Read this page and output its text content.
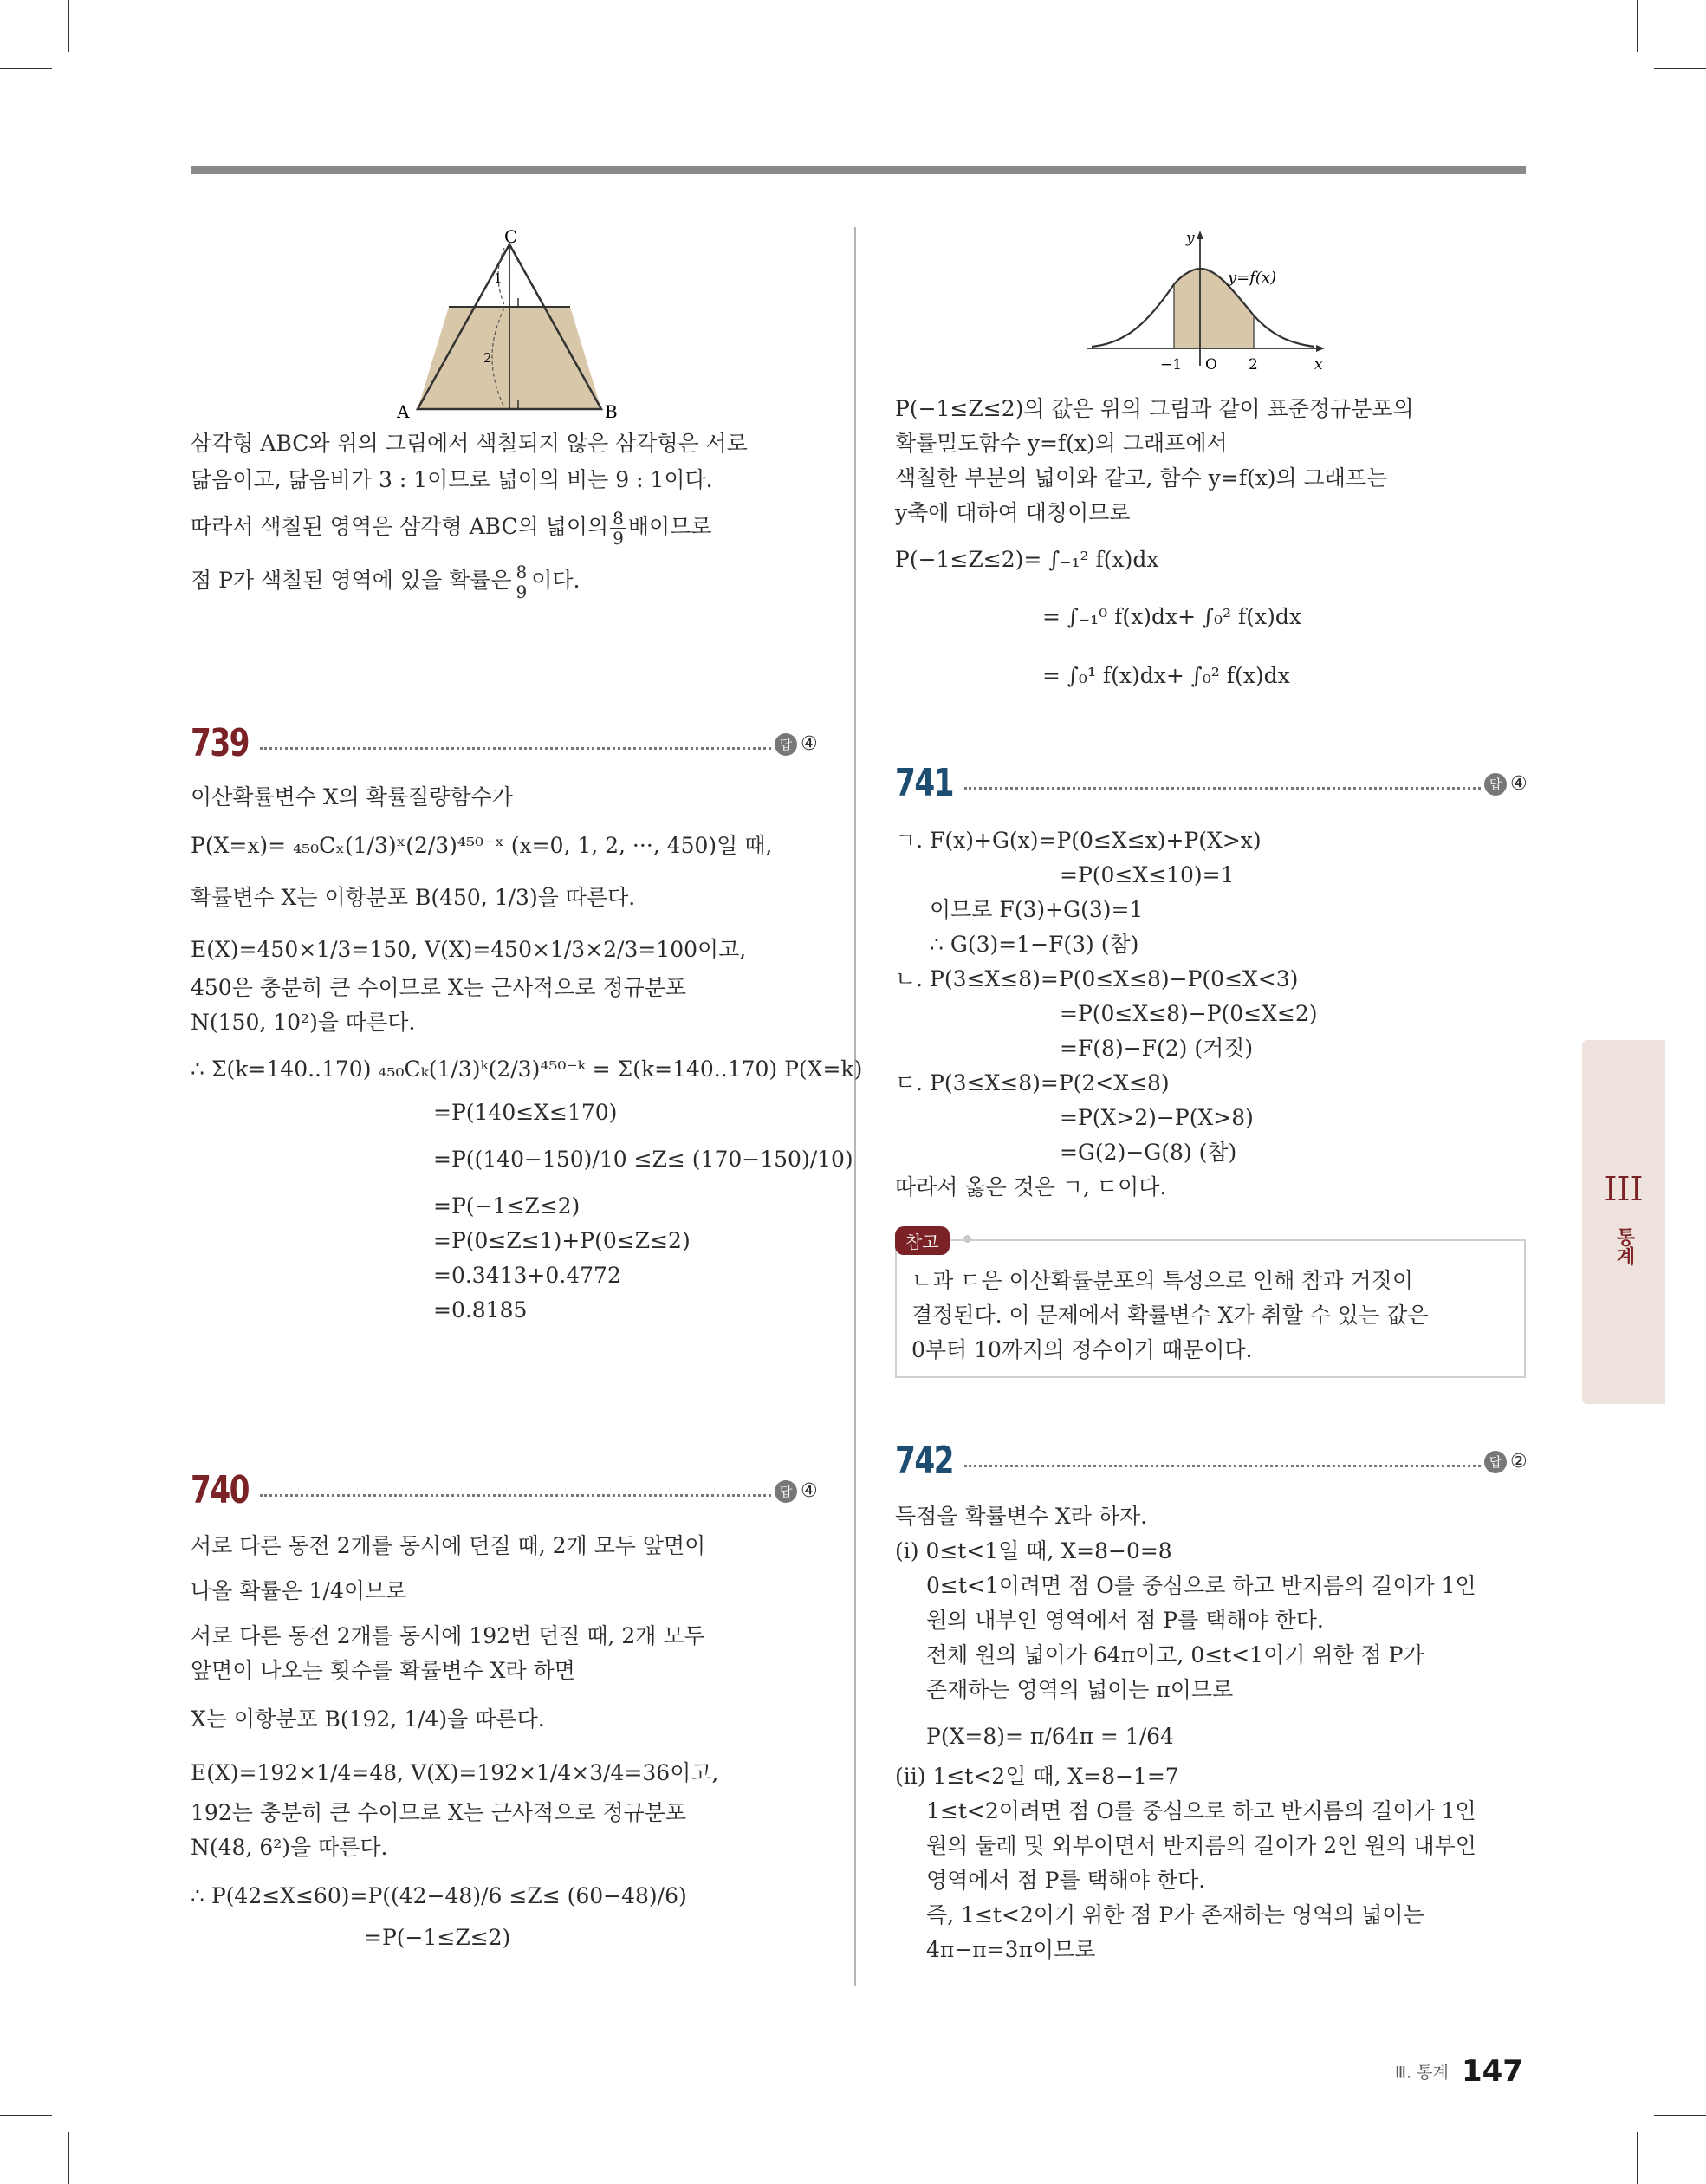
C
A	B
1
2

삼각형 ABC와 위의 그림에서 색칠되지 않은 삼각형은 서로

닮음이고, 닮음비가 3 : 1이므로 넓이의 비는 9 : 1이다.

따라서 색칠된 영역은 삼각형 ABC의 넓이의 $\frac{8}{9}$ 배이므로

점 P가 색칠된 영역에 있을 확률은 $\frac{8}{9}$ 이다.

739	답 ④

이산확률변수 X의 확률질량함수가

P(X=x)= ₄₅₀Cₓ(1/3)ˣ(2/3)⁴⁵⁰⁻ˣ (x=0, 1, 2, ···, 450)일 때,

확률변수 X는 이항분포 B(450, 1/3)을 따른다.

E(X)=450×1/3=150, V(X)=450×1/3×2/3=100이고,

450은 충분히 큰 수이므로 X는 근사적으로 정규분포

N(150, 10²)을 따른다.

∴ Σ(k=140..170) ₄₅₀Cₖ(1/3)ᵏ(2/3)⁴⁵⁰⁻ᵏ = Σ(k=140..170) P(X=k)

=P(140≤X≤170)

=P((140−150)/10 ≤Z≤ (170−150)/10)

=P(−1≤Z≤2)

=P(0≤Z≤1)+P(0≤Z≤2)

=0.3413+0.4772

=0.8185

740	답 ④

서로 다른 동전 2개를 동시에 던질 때, 2개 모두 앞면이

나올 확률은 1/4이므로

서로 다른 동전 2개를 동시에 192번 던질 때, 2개 모두

앞면이 나오는 횟수를 확률변수 X라 하면

X는 이항분포 B(192, 1/4)을 따른다.

E(X)=192×1/4=48, V(X)=192×1/4×3/4=36이고,

192는 충분히 큰 수이므로 X는 근사적으로 정규분포

N(48, 6²)을 따른다.

∴ P(42≤X≤60)=P((42−48)/6 ≤Z≤ (60−48)/6)

=P(−1≤Z≤2)

y
x
y=f(x)
−1 O 2

P(−1≤Z≤2)의 값은 위의 그림과 같이 표준정규분포의

확률밀도함수 y=f(x)의 그래프에서

색칠한 부분의 넓이와 같고, 함수 y=f(x)의 그래프는

y축에 대하여 대칭이므로

P(−1≤Z≤2)= ∫₋₁² f(x)dx

= ∫₋₁⁰ f(x)dx+ ∫₀² f(x)dx

= ∫₀¹ f(x)dx+ ∫₀² f(x)dx

741	답 ④

ㄱ. F(x)+G(x)=P(0≤X≤x)+P(X>x)

=P(0≤X≤10)=1

이므로 F(3)+G(3)=1

∴ G(3)=1−F(3) (참)

ㄴ. P(3≤X≤8)=P(0≤X≤8)−P(0≤X<3)

=P(0≤X≤8)−P(0≤X≤2)

=F(8)−F(2) (거짓)

ㄷ. P(3≤X≤8)=P(2<X≤8)

=P(X>2)−P(X>8)

=G(2)−G(8) (참)

따라서 옳은 것은 ㄱ, ㄷ이다.

참고

ㄴ과 ㄷ은 이산확률분포의 특성으로 인해 참과 거짓이

결정된다. 이 문제에서 확률변수 X가 취할 수 있는 값은

0부터 10까지의 정수이기 때문이다.

742	답 ②

득점을 확률변수 X라 하자.

(i) 0≤t<1일 때, X=8−0=8

0≤t<1이려면 점 O를 중심으로 하고 반지름의 길이가 1인

원의 내부인 영역에서 점 P를 택해야 한다.

전체 원의 넓이가 64π이고, 0≤t<1이기 위한 점 P가

존재하는 영역의 넓이는 π이므로

P(X=8)= π/64π = 1/64

(ii) 1≤t<2일 때, X=8−1=7

1≤t<2이려면 점 O를 중심으로 하고 반지름의 길이가 1인

원의 둘레 및 외부이면서 반지름의 길이가 2인 원의 내부인

영역에서 점 P를 택해야 한다.

즉, 1≤t<2이기 위한 점 P가 존재하는 영역의 넓이는

4π−π=3π이므로

III
통계
Ⅲ. 통계 147
